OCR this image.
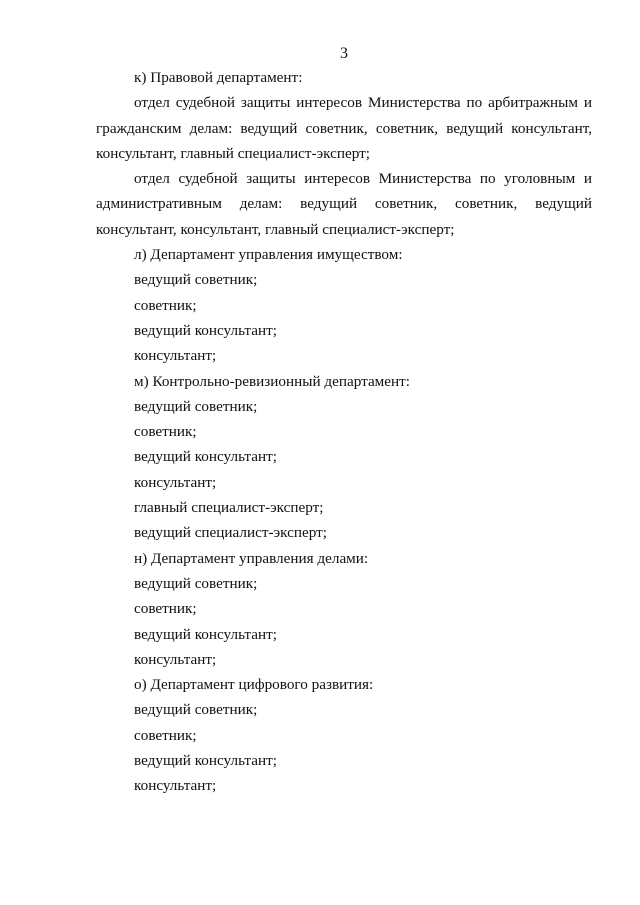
3

к) Правовой департамент:

отдел судебной защиты интересов Министерства по арбитражным и гражданским делам: ведущий советник, советник, ведущий консультант, консультант, главный специалист-эксперт;

отдел судебной защиты интересов Министерства по уголовным и административным делам: ведущий советник, советник, ведущий консультант, консультант, главный специалист-эксперт;

л) Департамент управления имуществом:

ведущий советник;

советник;

ведущий консультант;

консультант;

м) Контрольно-ревизионный департамент:

ведущий советник;

советник;

ведущий консультант;

консультант;

главный специалист-эксперт;

ведущий специалист-эксперт;

н) Департамент управления делами:

ведущий советник;

советник;

ведущий консультант;

консультант;

о) Департамент цифрового развития:

ведущий советник;

советник;

ведущий консультант;

консультант;
